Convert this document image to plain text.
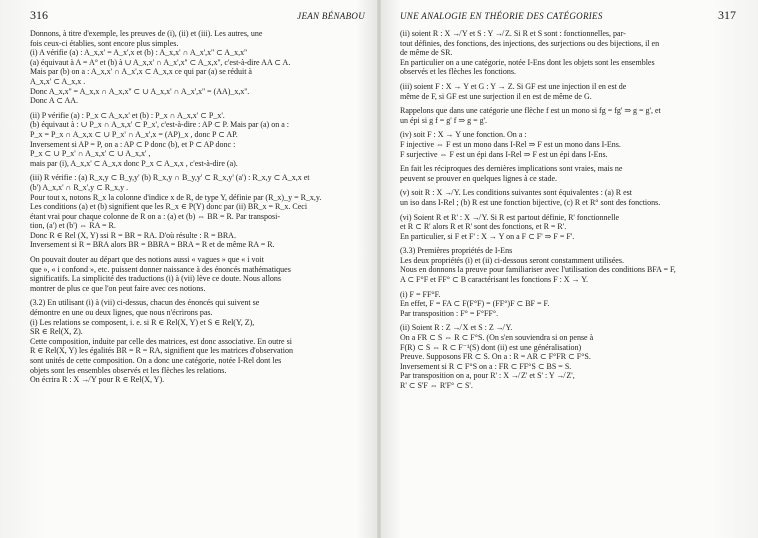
316	JEAN BÉNABOU
Donnons, à titre d'exemple, les preuves de (i), (ii) et (iii). Les autres, une
fois ceux-ci établies, sont encore plus simples.
(i) A vérifie (a) : A_x,x' = A_x',x et (b) : A_x,x' ∩ A_x',x'' ⊂ A_x,x''
(a) équivaut à A = A° et (b) à ∪ A_x,x' ∩ A_x',x'' ⊂ A_x,x'', c'est-à-dire AA ⊂ A.
Mais par (b) on a : A_x,x' ∩ A_x',x ⊂ A_x,x ce qui par (a) se réduit à
A_x,x' ⊂ A_x,x .
Donc A_x,x'' = A_x,x ∩ A_x,x'' ⊂ ∪ A_x,x' ∩ A_x',x'' = (AA)_x,x''.
Donc A ⊂ AA.
(ii) P vérifie (a) : P_x ⊂ A_x,x' et (b) : P_x ∩ A_x,x' ⊂ P_x'.
(b) équivaut à : ∪ P_x ∩ A_x,x' ⊂ P_x', c'est-à-dire : AP ⊂ P. Mais par (a) on a :
P_x = P_x ∩ A_x,x ⊂ ∪ P_x' ∩ A_x',x = (AP)_x , donc P ⊂ AP.
Inversement si AP = P, on a : AP ⊂ P donc (b), et P ⊂ AP donc :
P_x ⊂ ∪ P_x' ∩ A_x,x' ⊂ ∪ A_x,x' ,
mais par (i), A_x,x' ⊂ A_x,x donc P_x ⊂ A_x,x , c'est-à-dire (a).
(iii) R vérifie : (a) R_x,y ⊂ B_y,y' (b) R_x,y ∩ B_y,y' ⊂ R_x,y' (a') : R_x,y ⊂ A_x,x et
(b') A_x,x' ∩ R_x',y ⊂ R_x,y .
Pour tout x, notons R_x la colonne d'indice x de R, de type Y, définie par (R_x)_y = R_x,y.
Les conditions (a) et (b) signifient que les R_x ∈ P(Y) donc par (ii) BR_x = R_x. Ceci
étant vrai pour chaque colonne de R on a : (a) et (b) ⇔ BR = R. Par transposi-
tion, (a') et (b') ⇔ RA = R.
Donc R ∈ Rel (X, Y) ssi R = BR = RA. D'où résulte : R = BRA.
Inversement si R = BRA alors BR = BBRA = BRA = R et de même RA = R.
On pouvait douter au départ que des notions aussi « vagues » que « i voit
que », « i confond », etc. puissent donner naissance à des énoncés mathématiques
significatifs. La simplicité des traductions (i) à (vii) lève ce doute. Nous allons
montrer de plus ce que l'on peut faire avec ces notions.
(3.2) En utilisant (i) à (vii) ci-dessus, chacun des énoncés qui suivent se
démontre en une ou deux lignes, que nous n'écrirons pas.
(i) Les relations se composent, i. e. si R ∈ Rel(X, Y) et S ∈ Rel(Y, Z),
SR ∈ Rel(X, Z).
Cette composition, induite par celle des matrices, est donc associative. En outre si
R ∈ Rel(X, Y) les égalités BR = R = RA, signifient que les matrices d'observation
sont unités de cette composition. On a donc une catégorie, notée I-Rel dont les
objets sont les ensembles observés et les flèches les relations.
On écrira R : X ↛ Y pour R ∈ Rel(X, Y).
UNE ANALOGIE EN THÉORIE DES CATÉGORIES	317
(ii) soient R : X ↛ Y et S : Y ↛ Z. Si R et S sont : fonctionnelles, par-
tout définies, des fonctions, des injections, des surjections ou des bijections, il en
de même de SR.
En particulier on a une catégorie, notée I-Ens dont les objets sont les ensembles
observés et les flèches les fonctions.
(iii) soient F : X → Y et G : Y → Z. Si GF est une injection il en est de
même de F, si GF est une surjection il en est de même de G.
Rappelons que dans une catégorie une flèche f est un mono si fg = fg' ⇒ g = g', et
un épi si g f = g' f ⇒ g = g'.
(iv) soit F : X → Y une fonction. On a :
F injective ⇔ F est un mono dans I-Rel ⇒ F est un mono dans I-Ens.
F surjective ⇔ F est un épi dans I-Rel ⇒ F est un épi dans I-Ens.
En fait les réciproques des dernières implications sont vraies, mais ne
peuvent se prouver en quelques lignes à ce stade.
(v) soit R : X ↛ Y. Les conditions suivantes sont équivalentes : (a) R est
un iso dans I-Rel ; (b) R est une fonction bijective, (c) R et R° sont des fonctions.
(vi) Soient R et R' : X ↛ Y. Si R est partout définie, R' fonctionnelle
et R ⊂ R' alors R et R' sont des fonctions, et R = R'.
En particulier, si F et F' : X → Y on a F ⊂ F' ⇒ F = F'.
(3.3) Premières propriétés de I-Ens
Les deux propriétés (i) et (ii) ci-dessous seront constamment utilisées.
Nous en donnons la preuve pour familiariser avec l'utilisation des conditions BFA = F,
A ⊂ F°F et FF° ⊂ B caractérisant les fonctions F : X → Y.
(i) F = FF°F.
En effet, F = FA ⊂ F(F°F) = (FF°)F ⊂ BF = F.
Par transposition : F° = F°FF°.
(ii) Soient R : Z ↛ X et S : Z ↛ Y.
On a FR ⊂ S ⇔ R ⊂ F°S. (On s'en souviendra si on pense à
F(R) ⊂ S ⇔ R ⊂ F⁻¹(S) dont (ii) est une généralisation)
Preuve. Supposons FR ⊂ S. On a : R = AR ⊂ F°FR ⊂ F°S.
Inversement si R ⊂ F°S on a : FR ⊂ FF°S ⊂ BS = S.
Par transposition on a, pour R' : X ↛ Z' et S' : Y ↛ Z',
R' ⊂ S'F ⇔ R'F° ⊂ S'.
